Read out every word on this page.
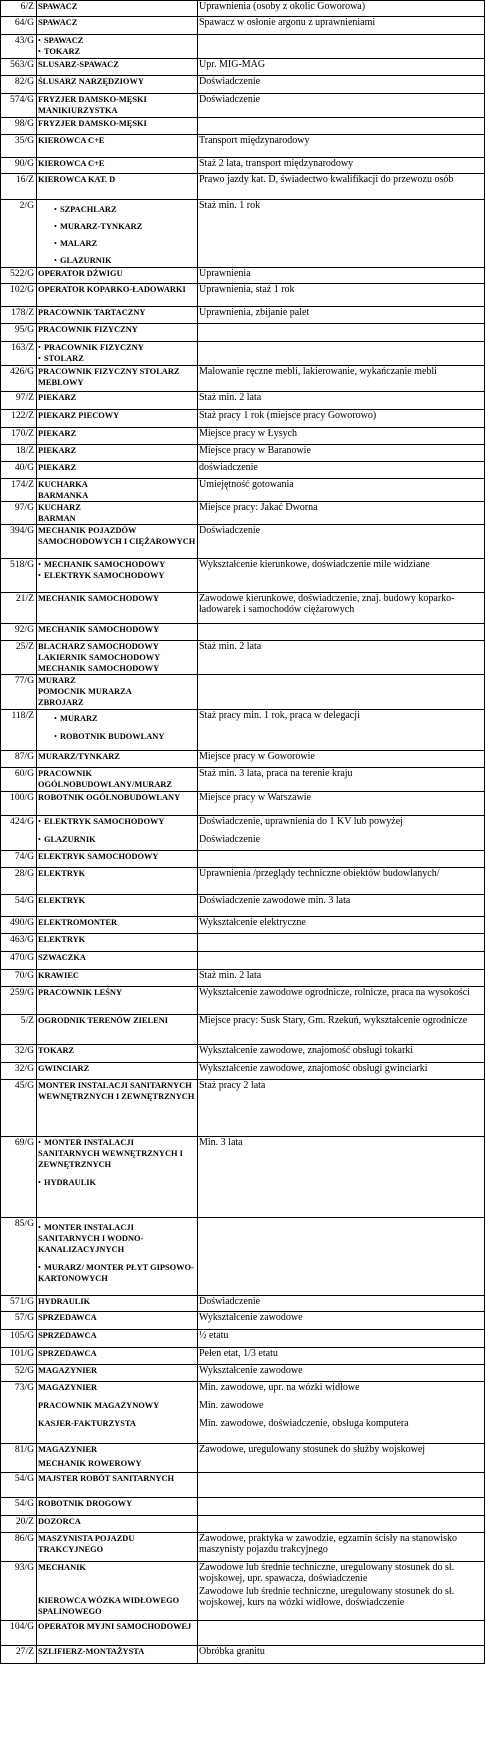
6/Z	SPAWACZ	Uprawnienia (osoby z okolic Goworowa)

64/G	SPAWACZ	Spawacz w osłonie argonu z uprawnieniami

43/G	• SPAWACZ
• TOKARZ

563/G	SLUSARZ-SPAWACZ	Upr. MIG-MAG

82/G	ŚLUSARZ NARZĘDZIOWY	Doświadczenie

574/G	FRYZJER DAMSKO-MĘSKI
MANIKIURZYSTKA	Doświadczenie

98/G	FRYZJER DAMSKO-MĘSKI	

35/G	KIEROWCA C+E	Transport międzynarodowy

90/G	KIEROWCA C+E	Staż 2 lata, transport międzynarodowy

16/Z	KIEROWCA KAT. D	Prawo jazdy kat. D, świadectwo kwalifikacji do przewozu osób

2/G	• SZPACHLARZ
• MURARZ-TYNKARZ
• MALARZ
• GLAZURNIK	Staż min. 1 rok

522/G	OPERATOR DŹWIGU	Uprawnienia

102/G	OPERATOR KOPARKO-ŁADOWARKI	Uprawnienia, staż 1 rok

178/Z	PRACOWNIK TARTACZNY	Uprawnienia, zbijanie palet

95/G	PRACOWNIK FIZYCZNY	

163/Z	• PRACOWNIK FIZYCZNY
• STOLARZ

426/G	PRACOWNIK FIZYCZNY STOLARZ MEBLOWY	Malowanie ręczne mebli, lakierowanie, wykańczanie mebli

97/Z	PIEKARZ	Staż min. 2 lata

122/Z	PIEKARZ PIECOWY	Staż pracy 1 rok (miejsce pracy Goworowo)

170/Z	PIEKARZ	Miejsce pracy w Łysych

18/Z	PIEKARZ	Miejsce pracy w Baranowie

40/G	PIEKARZ	doświadczenie

174/Z	KUCHARKA
BARMANKA	Umiejętność gotowania

97/G	KUCHARZ
BARMAN	Miejsce pracy: Jakać Dworna

394/G	MECHANIK POJAZDÓW SAMOCHODOWYCH I CIĘŻAROWYCH	Doświadczenie

518/G	• MECHANIK SAMOCHODOWY
• ELEKTRYK SAMOCHODOWY	Wykształcenie kierunkowe, doświadczenie mile widziane

21/Z	MECHANIK SAMOCHODOWY	Zawodowe kierunkowe, doświadczenie, znaj. budowy koparko-ładowarek i samochodów ciężarowych

92/G	MECHANIK SAMOCHODOWY	

25/Z	BLACHARZ SAMOCHODOWY
LAKIERNIK SAMOCHODOWY
MECHANIK SAMOCHODOWY	Staż min. 2 lata

77/G	MURARZ
POMOCNIK MURARZA
ZBROJARZ	

118/Z	• MURARZ
• ROBOTNIK BUDOWLANY	Staż pracy min. 1 rok, praca w delegacji

87/G	MURARZ/TYNKARZ	Miejsce pracy w Goworowie

60/G	PRACOWNIK OGÓLNOBUDOWLANY/MURARZ	Staż min. 3 lata, praca na terenie kraju

100/G	ROBOTNIK OGÓLNOBUDOWLANY	Miejsce pracy w Warszawie

424/G	• ELEKTRYK SAMOCHODOWY
• GLAZURNIK	Doświadczenie, uprawnienia do 1 KV lub powyżej
Doświadczenie

74/G	ELEKTRYK SAMOCHODOWY	

28/G	ELEKTRYK	Uprawnienia /przeglądy techniczne obiektów budowlanych/

54/G	ELEKTRYK	Doświadczenie zawodowe min. 3 lata

490/G	ELEKTROMONTER	Wykształcenie elektryczne

463/G	ELEKTRYK	

470/G	SZWACZKA	

70/G	KRAWIEC	Staż min. 2 lata

259/G	PRACOWNIK LEŚNY	Wykształcenie zawodowe ogrodnicze, rolnicze, praca na wysokości

5/Z	OGRODNIK TERENÓW ZIELENI	Miejsce pracy: Susk Stary, Gm. Rzekuń, wykształcenie ogrodnicze

32/G	TOKARZ	Wykształcenie zawodowe, znajomość obsługi tokarki

32/G	GWINCIARZ	Wykształcenie zawodowe, znajomość obsługi gwinciarki

45/G	MONTER INSTALACJI SANITARNYCH WEWNĘTRZNYCH I ZEWNĘTRZNYCH	Staż pracy 2 lata

69/G	• MONTER INSTALACJI SANITARNYCH WEWNĘTRZNYCH I ZEWNĘTRZNYCH
• HYDRAULIK	Min. 3 lata

85/G	• MONTER INSTALACJI SANITARNYCH I WODNO-KANALIZACYJNYCH
• MURARZ/ MONTER PŁYT GIPSOWO-KARTONOWYCH

571/G	HYDRAULIK	Doświadczenie

57/G	SPRZEDAWCA	Wykształcenie zawodowe

105/G	SPRZEDAWCA	½ etatu

101/G	SPRZEDAWCA	Pełen etat, 1/3 etatu

52/G	MAGAZYNIER	Wykształcenie zawodowe

73/G	MAGAZYNIER
PRACOWNIK MAGAZYNOWY
KASJER-FAKTURZYSTA	Min. zawodowe, upr. na wózki widłowe
Min. zawodowe
Min. zawodowe, doświadczenie, obsługa komputera

81/G	MAGAZYNIER
MECHANIK ROWEROWY	Zawodowe, uregulowany stosunek do służby wojskowej

54/G	MAJSTER ROBÓT SANITARNYCH	

54/G	ROBOTNIK DROGOWY	

20/Z	DOZORCA	

86/G	MASZYNISTA POJAZDU TRAKCYJNEGO	Zawodowe, praktyka w zawodzie, egzamin ścisły na stanowisko maszynisty pojazdu trakcyjnego

93/G	MECHANIK
KIEROWCA WÓZKA WIDŁOWEGO SPALINOWEGO	Zawodowe lub średnie techniczne, uregulowany stosunek do sł. wojskowej, upr. spawacza, doświadczenie
Zawodowe lub średnie techniczne, uregulowany stosunek do sł. wojskowej, kurs na wózki widłowe, doświadczenie

104/G	OPERATOR MYJNI SAMOCHODOWEJ	

27/Z	SZLIFIERZ-MONTAŻYSTA	Obróbka granitu
